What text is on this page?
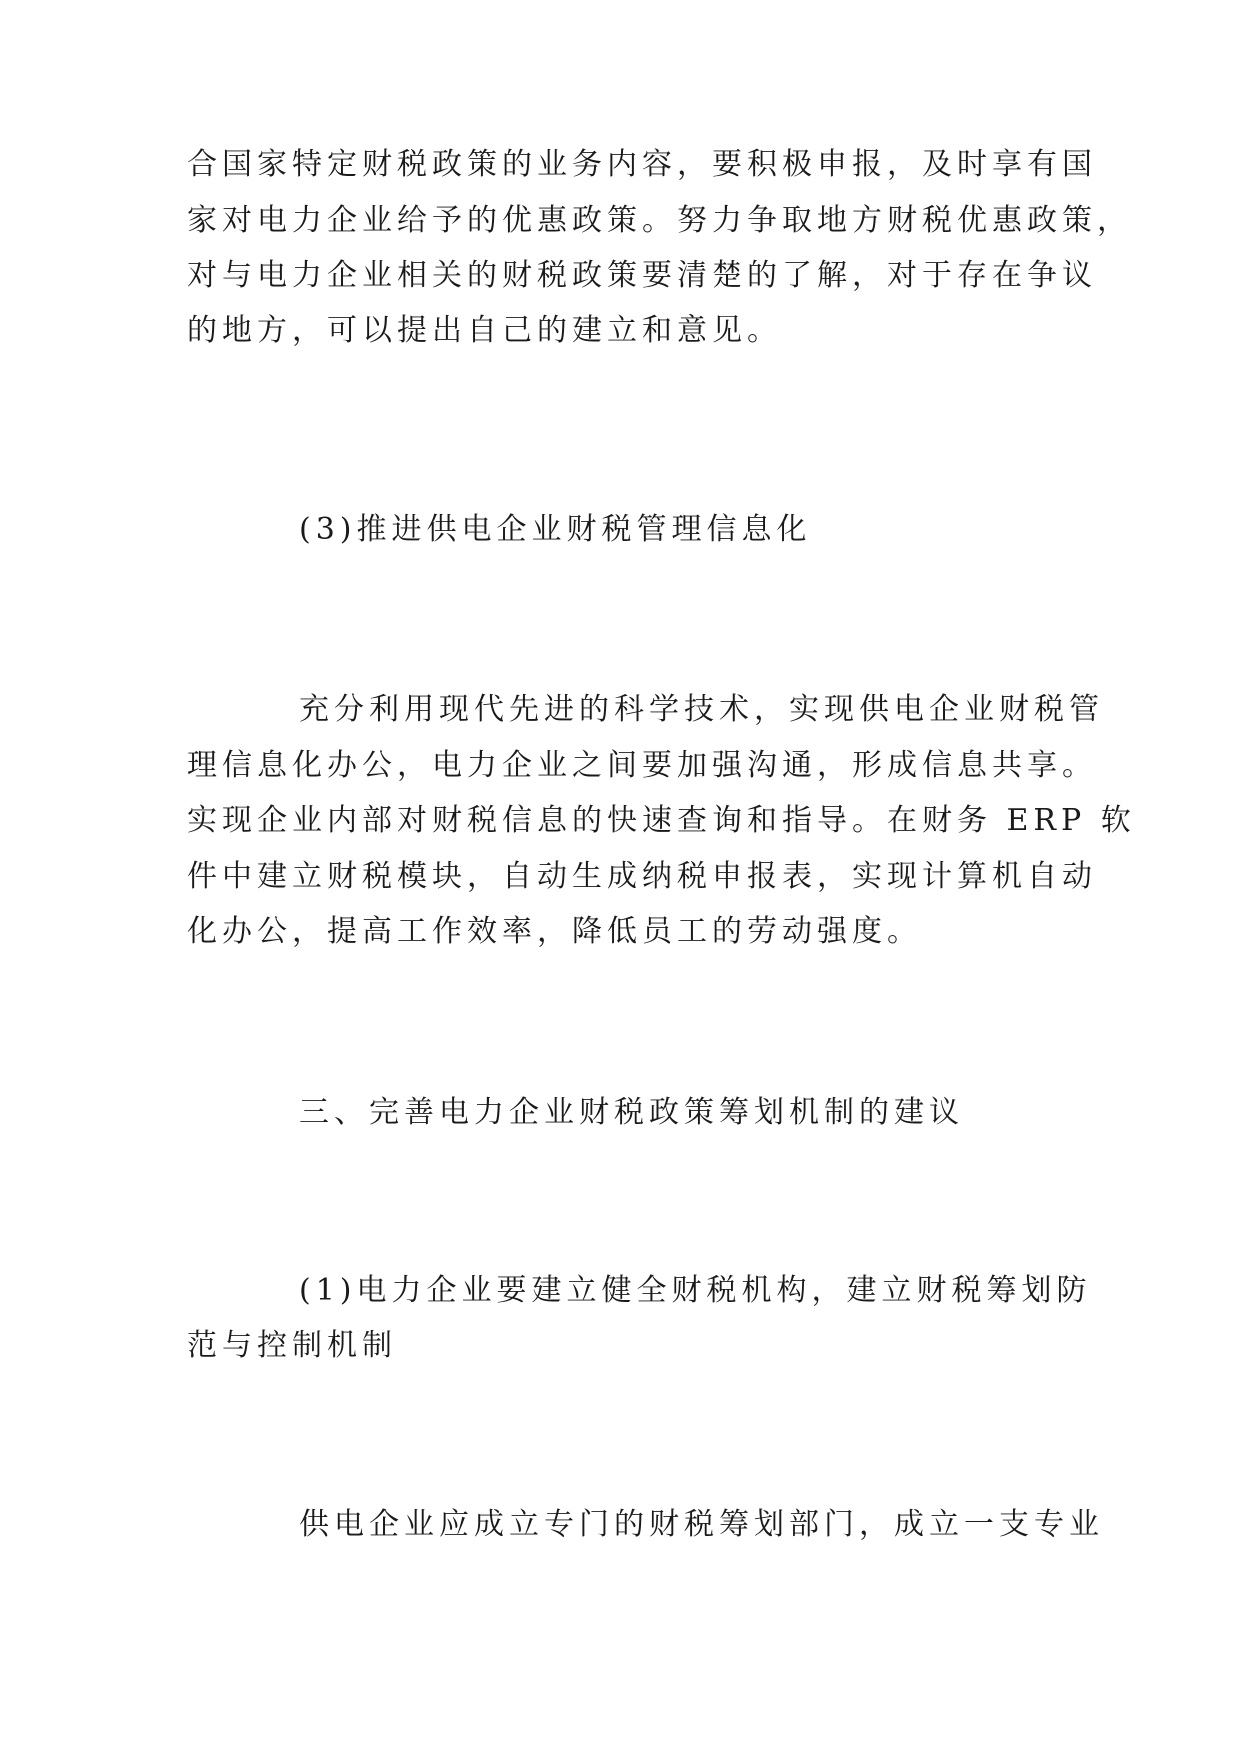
合国家特定财税政策的业务内容，要积极申报，及时享有国
家对电力企业给予的优惠政策。努力争取地方财税优惠政策，
对与电力企业相关的财税政策要清楚的了解，对于存在争议
的地方，可以提出自己的建立和意见。
(3)推进供电企业财税管理信息化
充分利用现代先进的科学技术，实现供电企业财税管
理信息化办公，电力企业之间要加强沟通，形成信息共享。
实现企业内部对财税信息的快速查询和指导。在财务 ERP 软
件中建立财税模块，自动生成纳税申报表，实现计算机自动
化办公，提高工作效率，降低员工的劳动强度。
三、完善电力企业财税政策筹划机制的建议
(1)电力企业要建立健全财税机构，建立财税筹划防
范与控制机制
供电企业应成立专门的财税筹划部门，成立一支专业
